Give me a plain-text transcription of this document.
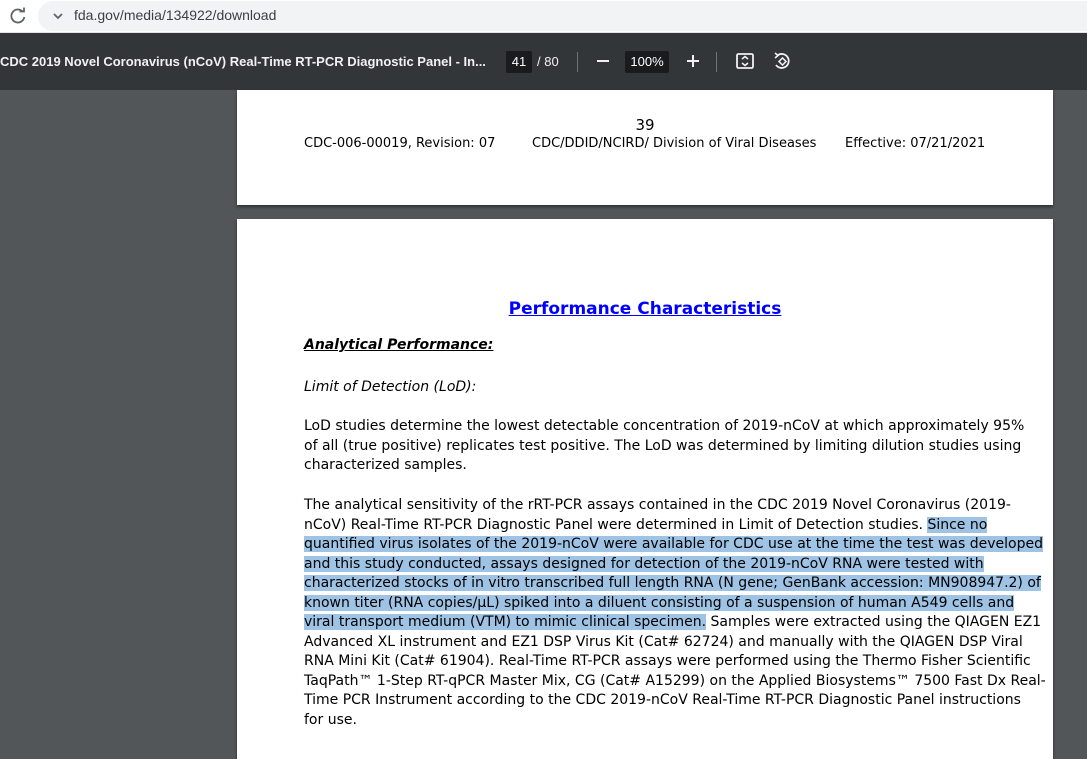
fda.gov/media/134922/download
CDC 2019 Novel Coronavirus (nCoV) Real-Time RT-PCR Diagnostic Panel - In...	41 / 80	100%
39
CDC-006-00019, Revision: 07	CDC/DDID/NCIRD/ Division of Viral Diseases Effective: 07/21/2021
Performance Characteristics
Analytical Performance:
Limit of Detection (LoD):
LoD studies determine the lowest detectable concentration of 2019-nCoV at which approximately 95%
of all (true positive) replicates test positive. The LoD was determined by limiting dilution studies using
characterized samples.
The analytical sensitivity of the rRT-PCR assays contained in the CDC 2019 Novel Coronavirus (2019-
nCoV) Real-Time RT-PCR Diagnostic Panel were determined in Limit of Detection studies. Since no
quantified virus isolates of the 2019-nCoV were available for CDC use at the time the test was developed
and this study conducted, assays designed for detection of the 2019-nCoV RNA were tested with
characterized stocks of in vitro transcribed full length RNA (N gene; GenBank accession: MN908947.2) of
known titer (RNA copies/µL) spiked into a diluent consisting of a suspension of human A549 cells and
viral transport medium (VTM) to mimic clinical specimen. Samples were extracted using the QIAGEN EZ1
Advanced XL instrument and EZ1 DSP Virus Kit (Cat# 62724) and manually with the QIAGEN DSP Viral
RNA Mini Kit (Cat# 61904). Real-Time RT-PCR assays were performed using the Thermo Fisher Scientific
TaqPath™ 1-Step RT-qPCR Master Mix, CG (Cat# A15299) on the Applied Biosystems™ 7500 Fast Dx Real-
Time PCR Instrument according to the CDC 2019-nCoV Real-Time RT-PCR Diagnostic Panel instructions
for use.
